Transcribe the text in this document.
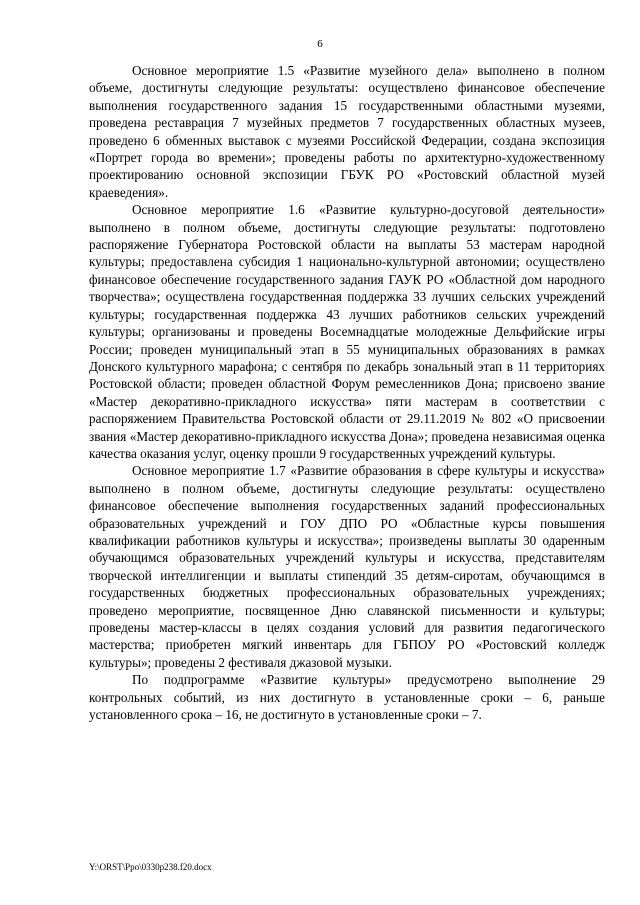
6

Основное мероприятие 1.5 «Развитие музейного дела» выполнено в полном объеме, достигнуты следующие результаты: осуществлено финансовое обеспечение выполнения государственного задания 15 государственными областными музеями, проведена реставрация 7 музейных предметов 7 государственных областных музеев, проведено 6 обменных выставок с музеями Российской Федерации, создана экспозиция «Портрет города во времени»; проведены работы по архитектурно-художественному проектированию основной экспозиции ГБУК РО «Ростовский областной музей краеведения».

Основное мероприятие 1.6 «Развитие культурно-досуговой деятельности» выполнено в полном объеме, достигнуты следующие результаты: подготовлено распоряжение Губернатора Ростовской области на выплаты 53 мастерам народной культуры; предоставлена субсидия 1 национально-культурной автономии; осуществлено финансовое обеспечение государственного задания ГАУК РО «Областной дом народного творчества»; осуществлена государственная поддержка 33 лучших сельских учреждений культуры; государственная поддержка 43 лучших работников сельских учреждений культуры; организованы и проведены Восемнадцатые молодежные Дельфийские игры России; проведен муниципальный этап в 55 муниципальных образованиях в рамках Донского культурного марафона; с сентября по декабрь зональный этап в 11 территориях Ростовской области; проведен областной Форум ремесленников Дона; присвоено звание «Мастер декоративно-прикладного искусства» пяти мастерам в соответствии с распоряжением Правительства Ростовской области от 29.11.2019 № 802 «О присвоении звания «Мастер декоративно-прикладного искусства Дона»; проведена независимая оценка качества оказания услуг, оценку прошли 9 государственных учреждений культуры.

Основное мероприятие 1.7 «Развитие образования в сфере культуры и искусства» выполнено в полном объеме, достигнуты следующие результаты: осуществлено финансовое обеспечение выполнения государственных заданий профессиональных образовательных учреждений и ГОУ ДПО РО «Областные курсы повышения квалификации работников культуры и искусства»; произведены выплаты 30 одаренным обучающимся образовательных учреждений культуры и искусства, представителям творческой интеллигенции и выплаты стипендий 35 детям-сиротам, обучающимся в государственных бюджетных профессиональных образовательных учреждениях; проведено мероприятие, посвященное Дню славянской письменности и культуры; проведены мастер-классы в целях создания условий для развития педагогического мастерства; приобретен мягкий инвентарь для ГБПОУ РО «Ростовский колледж культуры»; проведены 2 фестиваля джазовой музыки.

По подпрограмме «Развитие культуры» предусмотрено выполнение 29 контрольных событий, из них достигнуто в установленные сроки – 6, раньше установленного срока – 16, не достигнуто в установленные сроки – 7.

Y:\ORST\Ppo\0330p238.f20.docx
